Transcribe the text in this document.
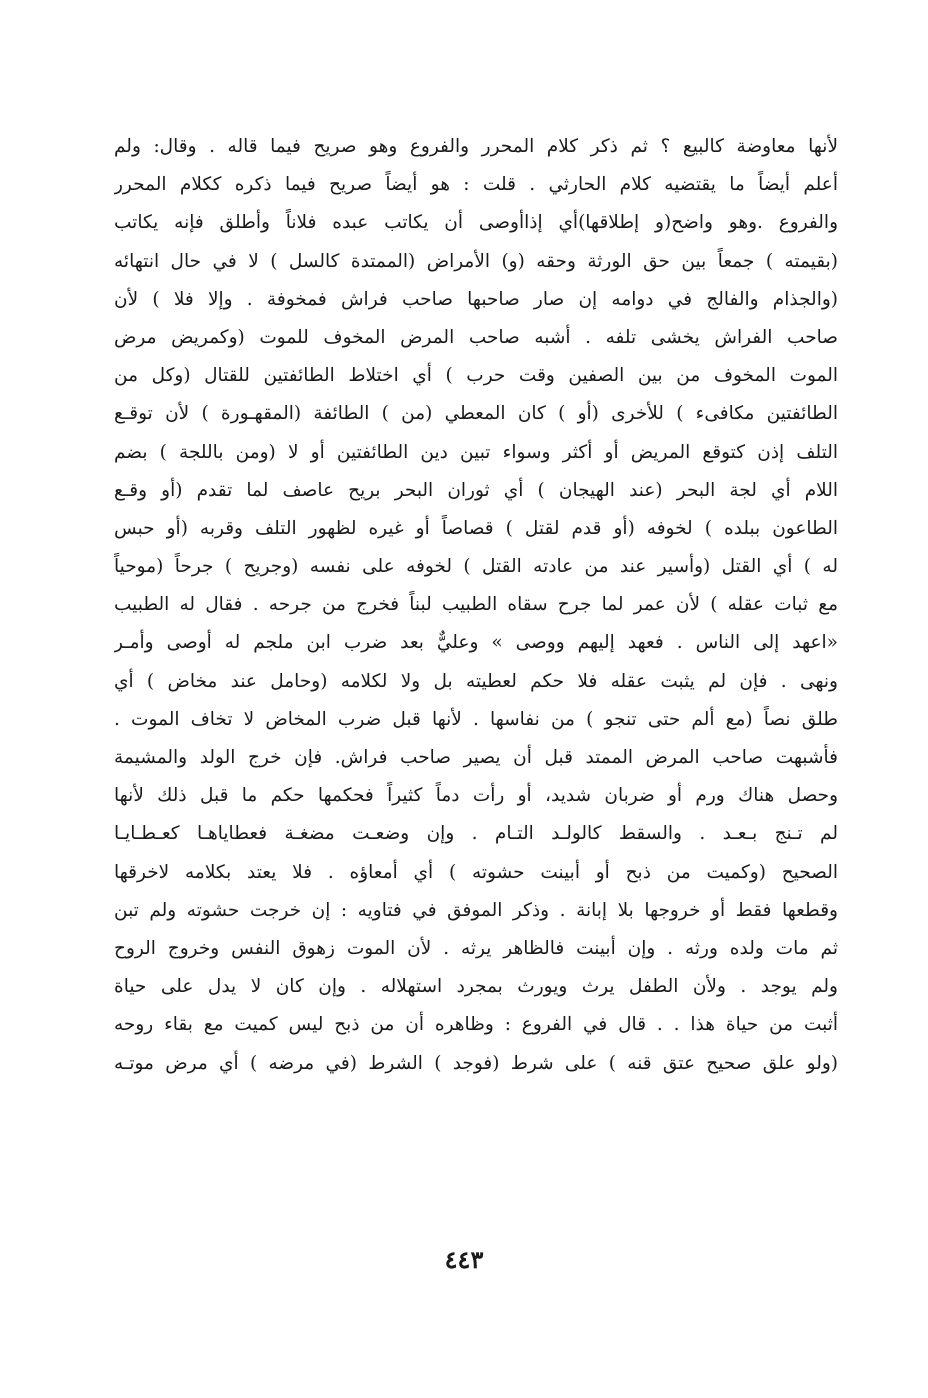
لأنها معاوضة كالبيع ؟ ثم ذكر كلام المحرر والفروع وهو صريح فيما قاله . وقال: ولم
أعلم أيضاً ما يقتضيه كلام الحارثي . قلت : هو أيضاً صريح فيما ذكره ككلام المحرر
والفروع .وهو واضح(و إطلاقها)أي إذاأوصى أن يكاتب عبده فلاناً وأطلق فإنه يكاتب
(بقيمته ) جمعاً بين حق الورثة وحقه (و) الأمراض (الممتدة كالسل ) لا في حال انتهائه
(والجذام والفالج في دوامه إن صار صاحبها صاحب فراش فمخوفة . وإلا فلا ) لأن
صاحب الفراش يخشى تلفه . أشبه صاحب المرض المخوف للموت (وكمريض مرض
الموت المخوف من بين الصفين وقت حرب ) أي اختلاط الطائفتين للقتال (وكل من
الطائفتين مكافىء ) للأخرى (أو ) كان المعطي (من ) الطائفة (المقهـورة ) لأن توقـع
التلف إذن كتوقع المريض أو أكثر وسواء تبين دين الطائفتين أو لا (ومن باللجة ) بضم
اللام أي لجة البحر (عند الهيجان ) أي ثوران البحر بريح عاصف لما تقدم (أو وقـع
الطاعون ببلده ) لخوفه (أو قدم لقتل ) قصاصاً أو غيره لظهور التلف وقربه (أو حبس
له ) أي القتل (وأسير عند من عادته القتل ) لخوفه على نفسه (وجريح ) جرحاً (موحياً
مع ثبات عقله ) لأن عمر لما جرح سقاه الطبيب لبناً فخرج من جرحه . فقال له الطبيب
«اعهد إلى الناس . فعهد إليهم ووصى » وعليٌّ بعد ضرب ابن ملجم له أوصى وأمـر
ونهى . فإن لم يثبت عقله فلا حكم لعطيته بل ولا لكلامه (وحامل عند مخاض ) أي
طلق نصاً (مع ألم حتى تنجو ) من نفاسها . لأنها قبل ضرب المخاض لا تخاف الموت .
فأشبهت صاحب المرض الممتد قبل أن يصير صاحب فراش. فإن خرج الولد والمشيمة
وحصل هناك ورم أو ضربان شديد، أو رأت دماً كثيراً فحكمها حكم ما قبل ذلك لأنها
لم تـنج بـعـد . والسقط كالولـد التـام . وإن وضعـت مضغـة فعطاياهـا كعـطـايـا
الصحيح (وكميت من ذبح أو أبينت حشوته ) أي أمعاؤه . فلا يعتد بكلامه لاخرقها
وقطعها فقط أو خروجها بلا إبانة . وذكر الموفق في فتاويه : إن خرجت حشوته ولم تبن
ثم مات ولده ورثه . وإن أبينت فالظاهر يرثه . لأن الموت زهوق النفس وخروج الروح
ولم يوجد . ولأن الطفل يرث ويورث بمجرد استهلاله . وإن كان لا يدل على حياة
أثبت من حياة هذا . . قال في الفروع : وظاهره أن من ذبح ليس كميت مع بقاء روحه
(ولو علق صحيح عتق قنه ) على شرط (فوجد ) الشرط (في مرضه ) أي مرض موتـه
٤٤٣
